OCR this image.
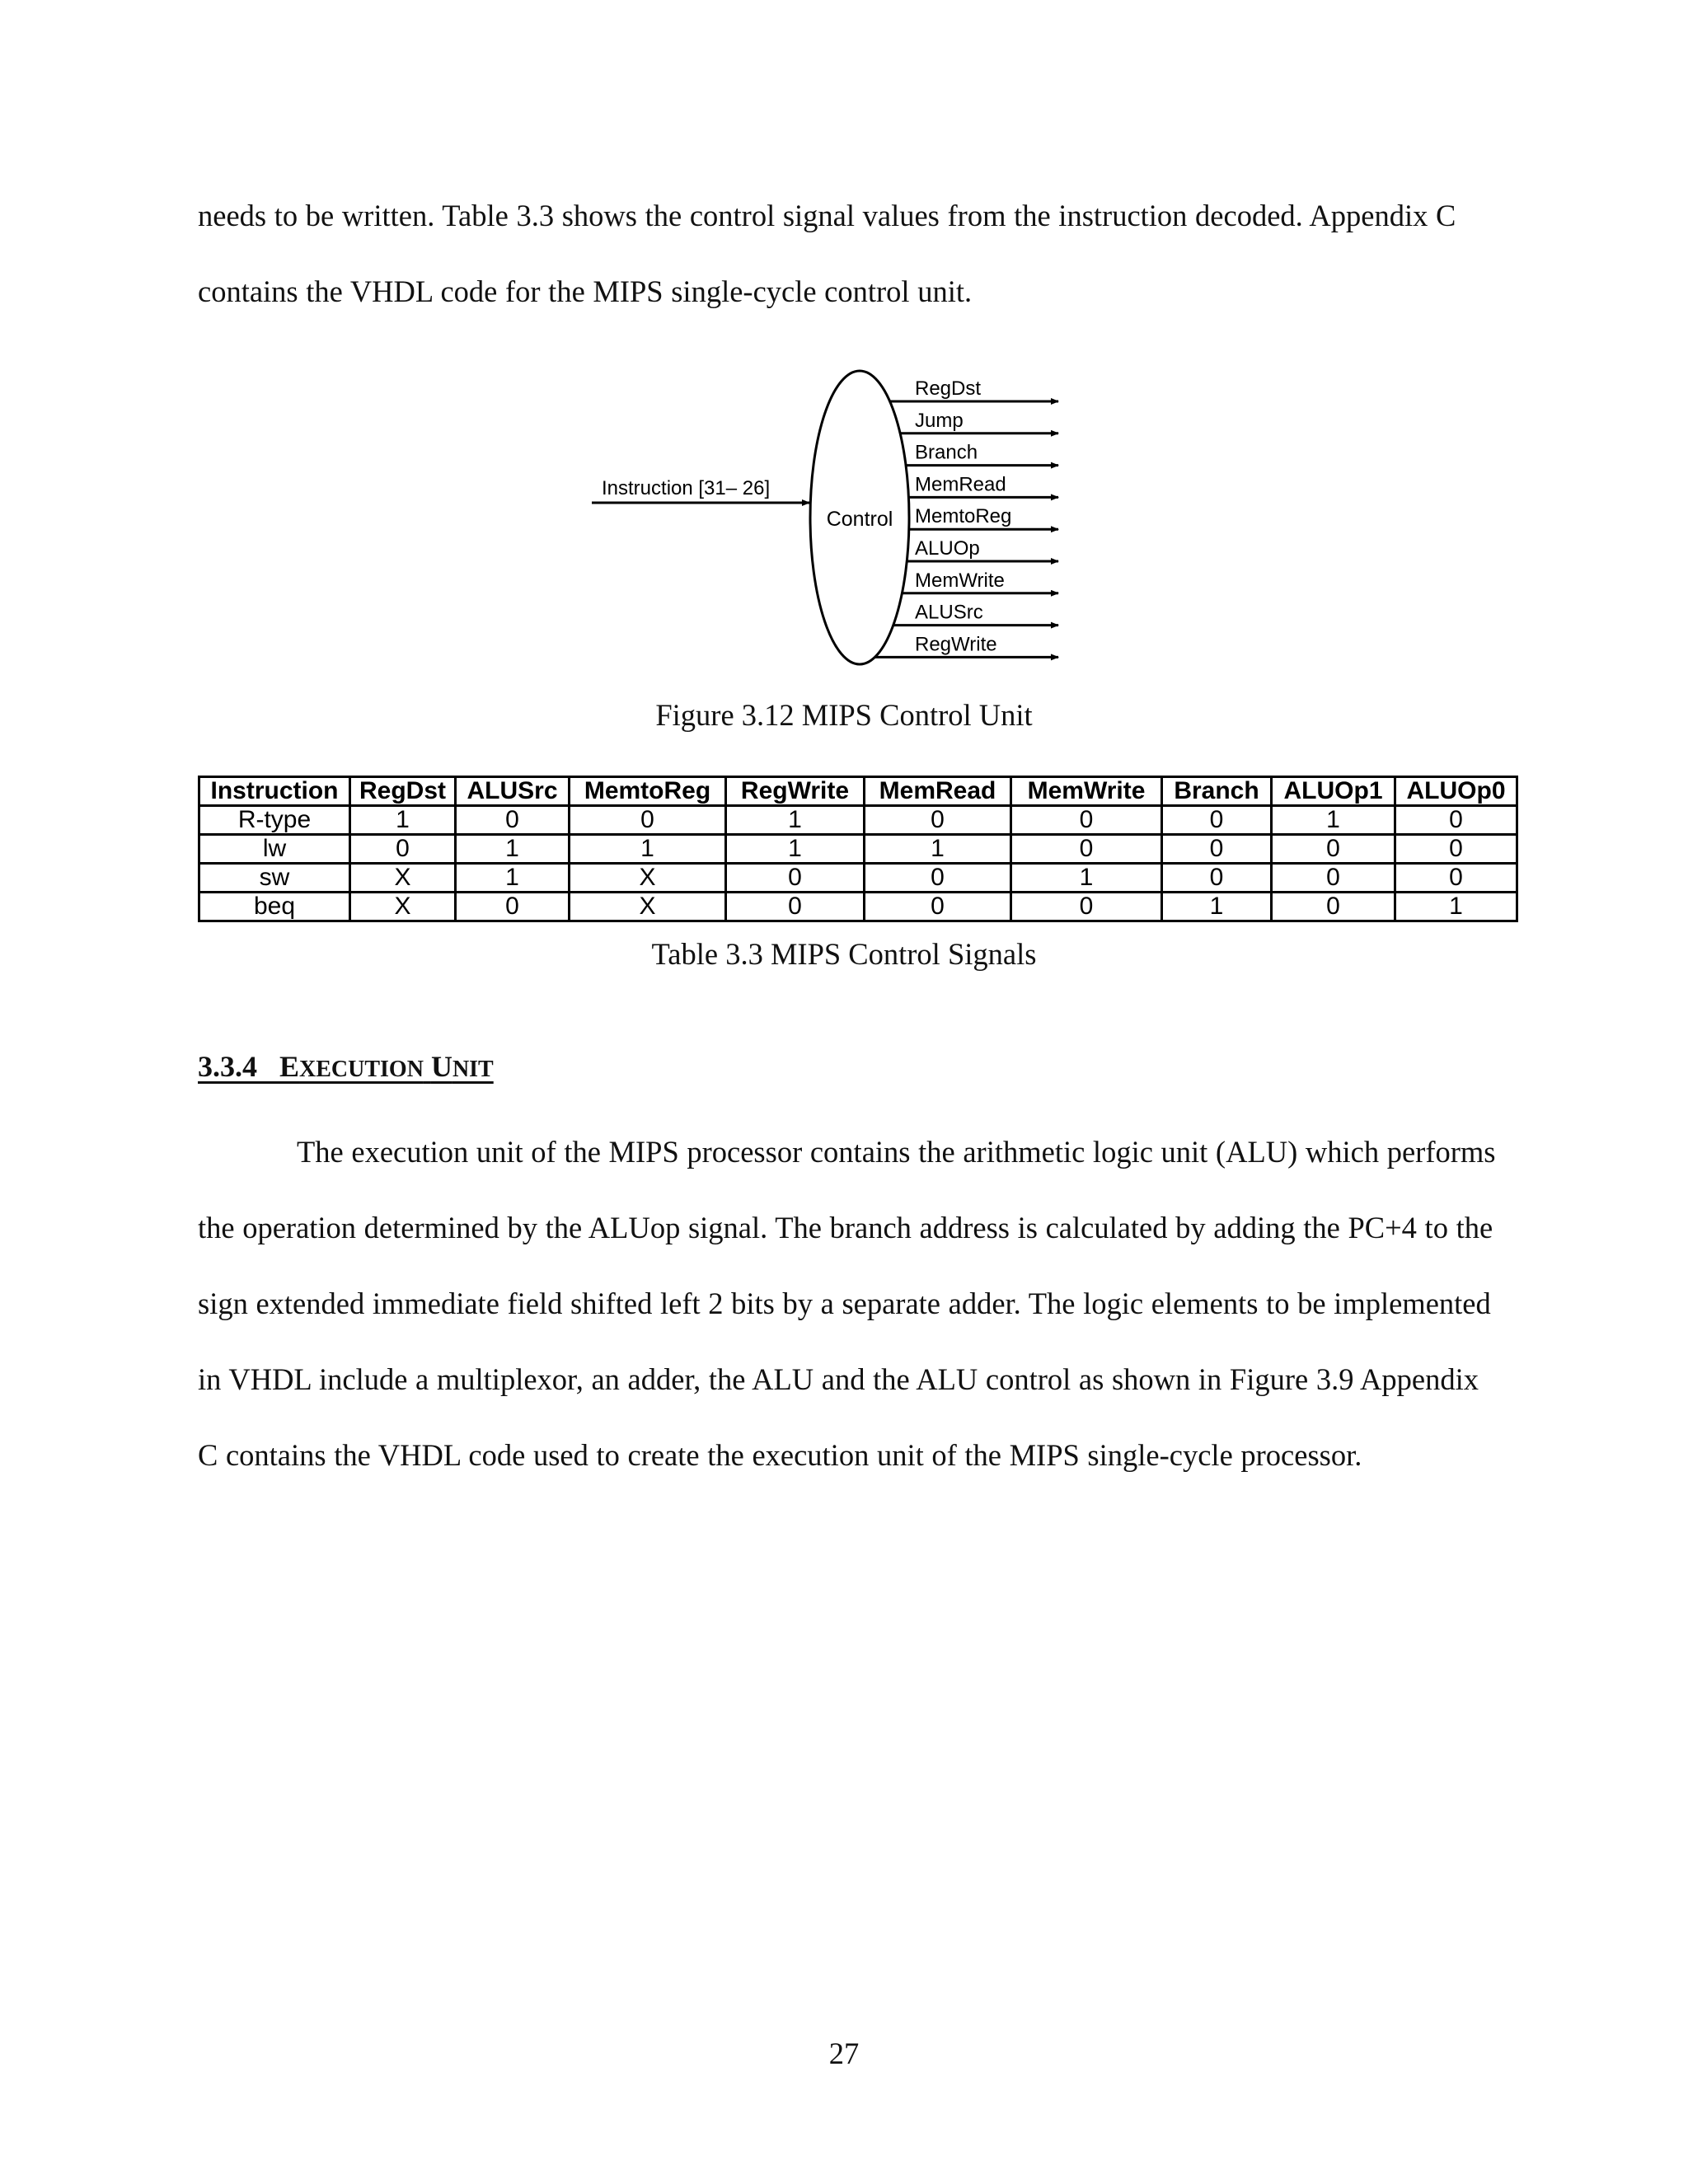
needs to be written. Table 3.3 shows the control signal values from the instruction decoded. Appendix C contains the VHDL code for the MIPS single-cycle control unit.

Control
Instruction [31– 26]
RegDst
Jump
Branch
MemRead
MemtoReg
ALUOp
MemWrite
ALUSrc
RegWrite

Figure 3.12 MIPS Control Unit

Instruction	RegDst	ALUSrc	MemtoReg	RegWrite	MemRead	MemWrite	Branch	ALUOp1	ALUOp0
R-type	1	0	0	1	0	0	0	1	0
lw	0	1	1	1	1	0	0	0	0
sw	X	1	X	0	0	1	0	0	0
beq	X	0	X	0	0	0	1	0	1

Table 3.3 MIPS Control Signals

3.3.4 EXECUTION UNIT

The execution unit of the MIPS processor contains the arithmetic logic unit (ALU) which performs the operation determined by the ALUop signal. The branch address is calculated by adding the PC+4 to the sign extended immediate field shifted left 2 bits by a separate adder. The logic elements to be implemented in VHDL include a multiplexor, an adder, the ALU and the ALU control as shown in Figure 3.9 Appendix C contains the VHDL code used to create the execution unit of the MIPS single-cycle processor.

27
